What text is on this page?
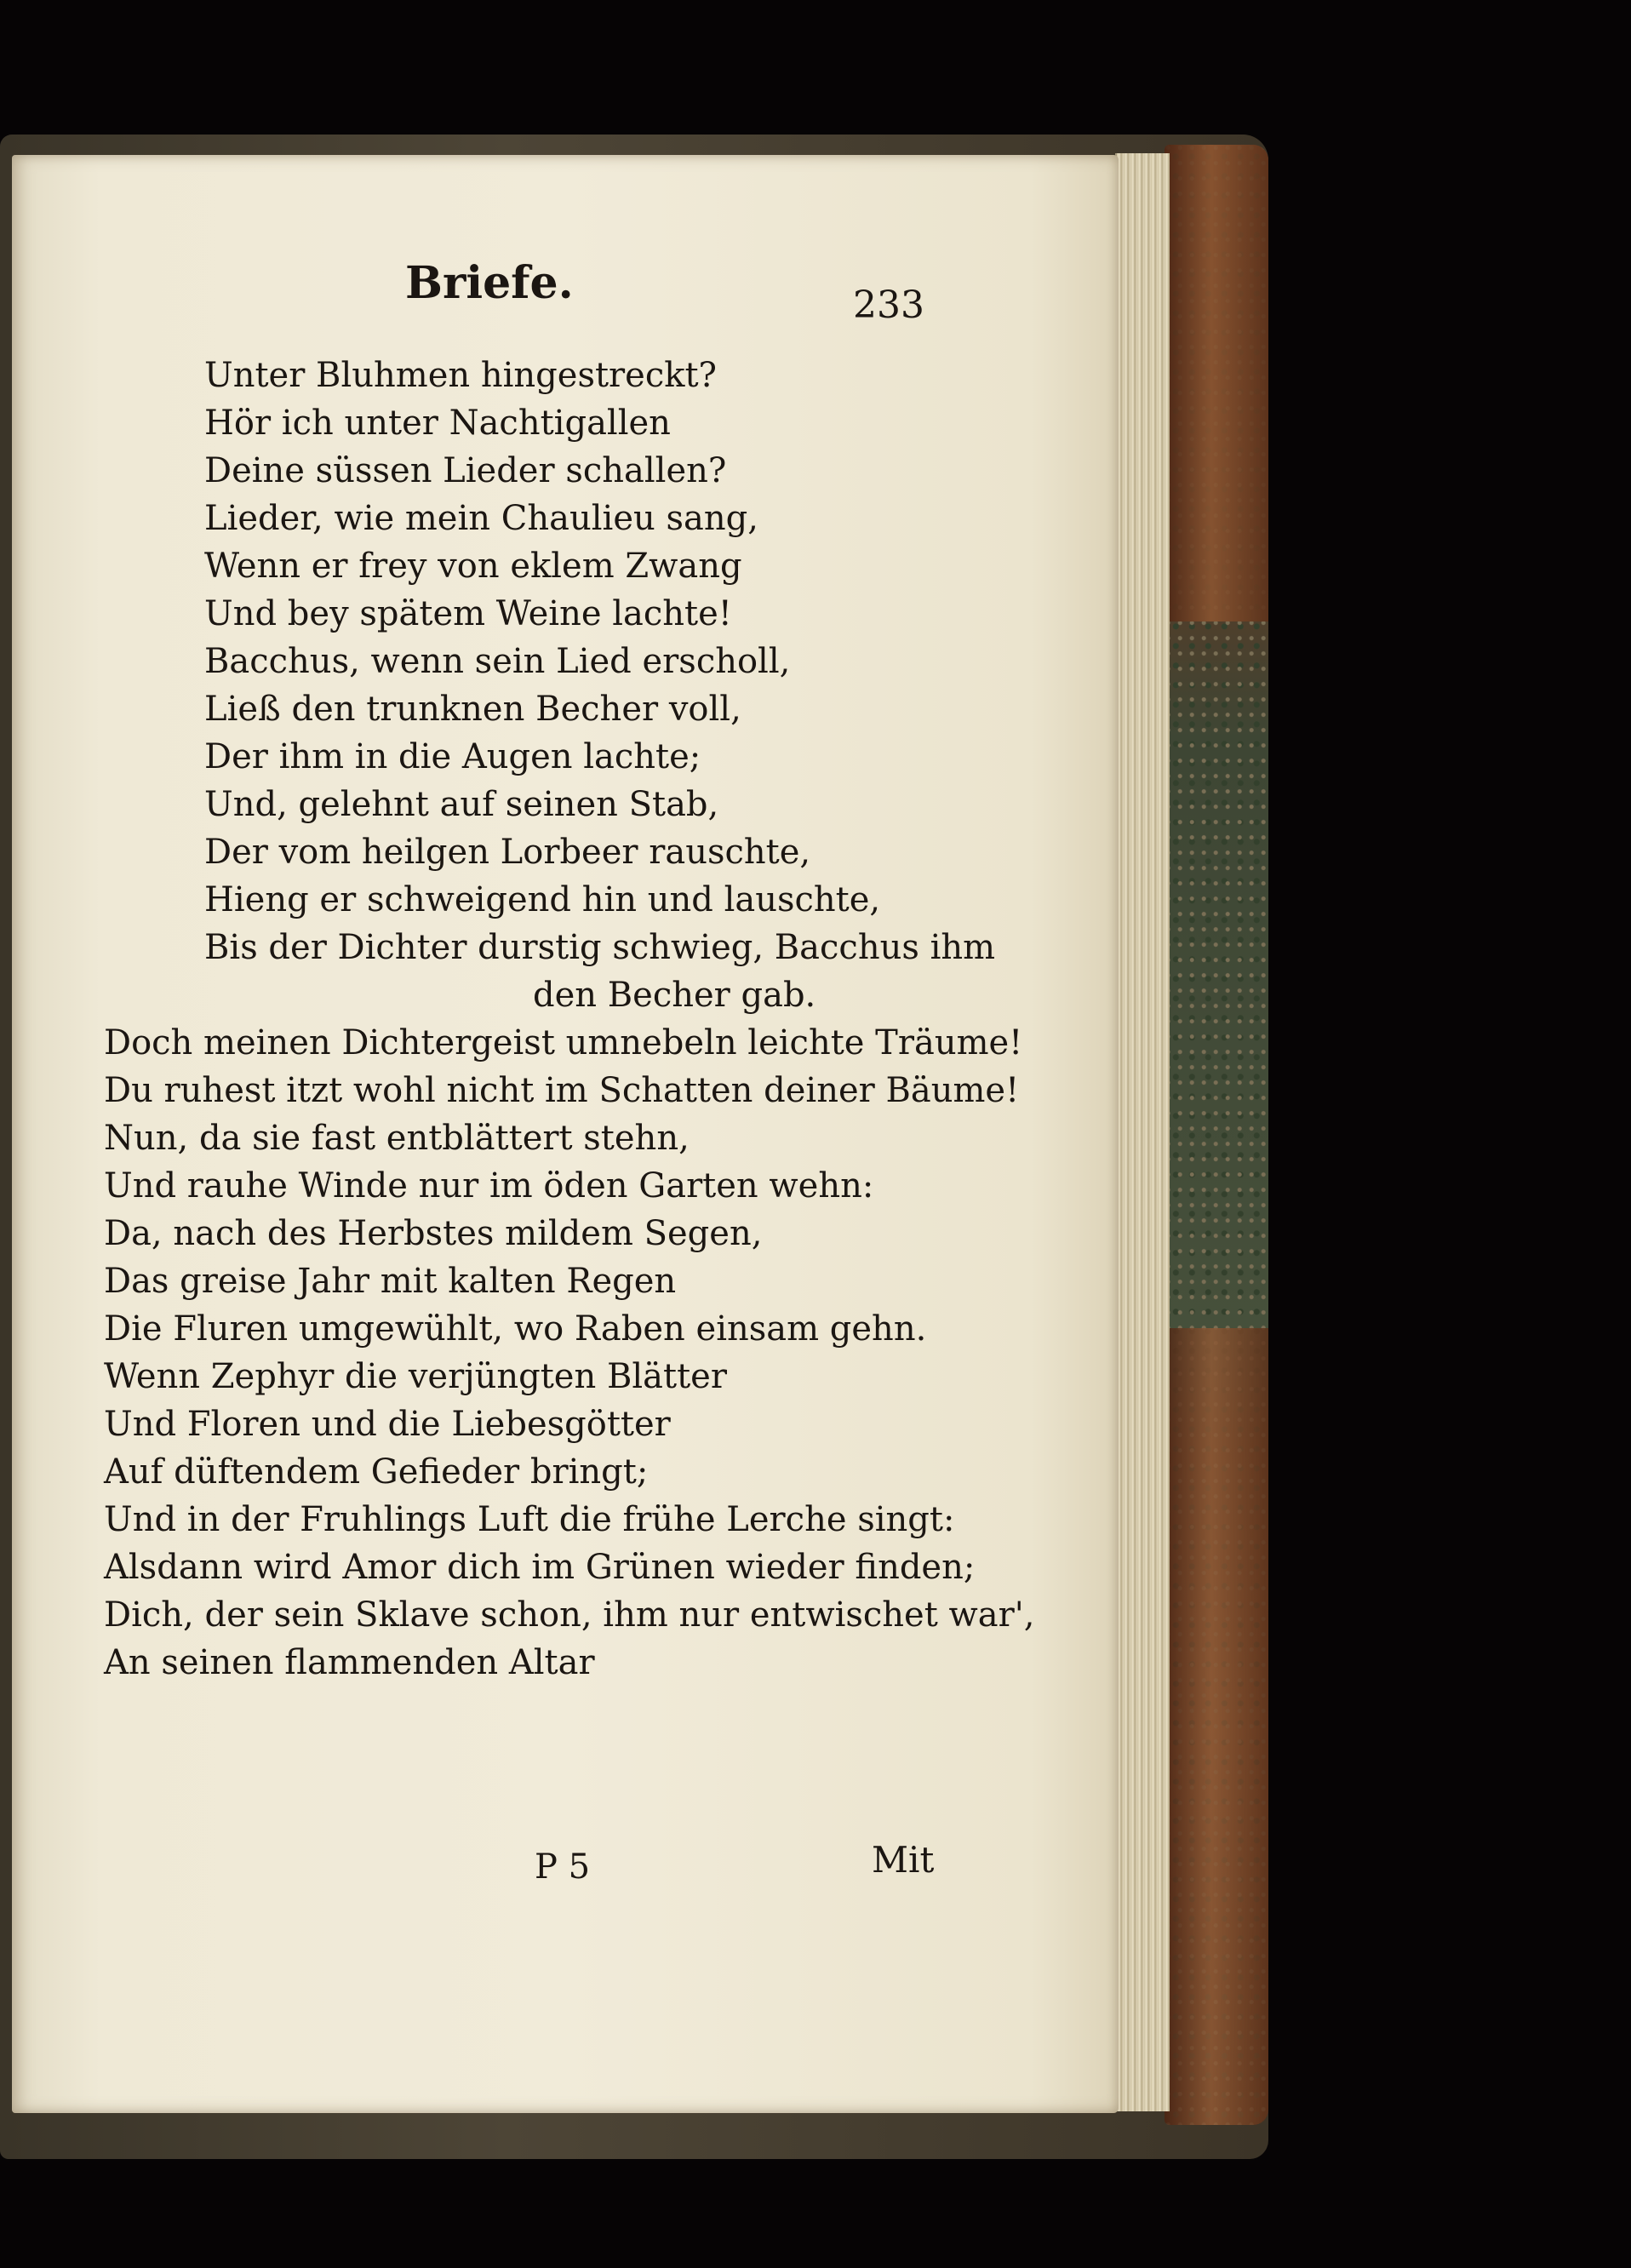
Briefe.	233

Unter Bluhmen hingestreckt?

Hör ich unter Nachtigallen

Deine süssen Lieder schallen?

Lieder, wie mein Chaulieu sang,

Wenn er frey von eklem Zwang

Und bey spätem Weine lachte!

Bacchus, wenn sein Lied erscholl,

Ließ den trunknen Becher voll,

Der ihm in die Augen lachte;

Und, gelehnt auf seinen Stab,

Der vom heilgen Lorbeer rauschte,

Hieng er schweigend hin und lauschte,

Bis der Dichter durstig schwieg, Bacchus ihm

den Becher gab.

Doch meinen Dichtergeist umnebeln leichte Träume!

Du ruhest itzt wohl nicht im Schatten deiner Bäume!

Nun, da sie fast entblättert stehn,

Und rauhe Winde nur im öden Garten wehn:

Da, nach des Herbstes mildem Segen,

Das greise Jahr mit kalten Regen

Die Fluren umgewühlt, wo Raben einsam gehn.

Wenn Zephyr die verjüngten Blätter

Und Floren und die Liebesgötter

Auf düftendem Gefieder bringt;

Und in der Fruhlings Luft die frühe Lerche singt:

Alsdann wird Amor dich im Grünen wieder finden;

Dich, der sein Sklave schon, ihm nur entwischet war',

An seinen flammenden Altar

P 5	Mit
